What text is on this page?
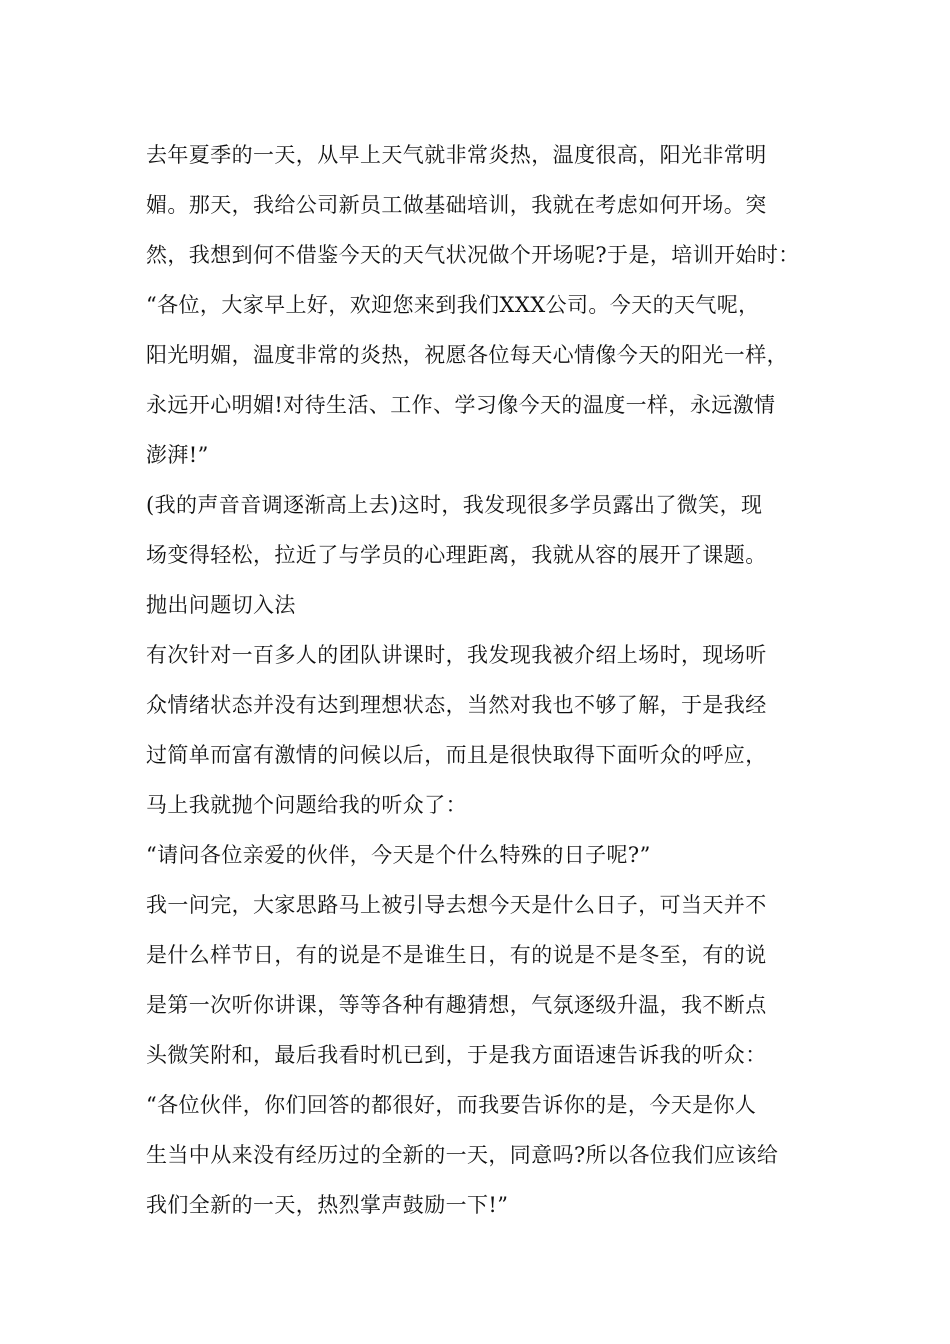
去年夏季的一天，从早上天气就非常炎热，温度很高，阳光非常明
媚。那天，我给公司新员工做基础培训，我就在考虑如何开场。突
然，我想到何不借鉴今天的天气状况做个开场呢?于是，培训开始时：
“各位，大家早上好，欢迎您来到我们XXX公司。今天的天气呢，
阳光明媚，温度非常的炎热，祝愿各位每天心情像今天的阳光一样，
永远开心明媚!对待生活、工作、学习像今天的温度一样，永远激情
澎湃!”
(我的声音音调逐渐高上去)这时，我发现很多学员露出了微笑，现
场变得轻松，拉近了与学员的心理距离，我就从容的展开了课题。
抛出问题切入法
有次针对一百多人的团队讲课时，我发现我被介绍上场时，现场听
众情绪状态并没有达到理想状态，当然对我也不够了解，于是我经
过简单而富有激情的问候以后，而且是很快取得下面听众的呼应，
马上我就抛个问题给我的听众了：
“请问各位亲爱的伙伴，今天是个什么特殊的日子呢?”
我一问完，大家思路马上被引导去想今天是什么日子，可当天并不
是什么样节日，有的说是不是谁生日，有的说是不是冬至，有的说
是第一次听你讲课，等等各种有趣猜想，气氛逐级升温，我不断点
头微笑附和，最后我看时机已到，于是我方面语速告诉我的听众：
“各位伙伴，你们回答的都很好，而我要告诉你的是，今天是你人
生当中从来没有经历过的全新的一天，同意吗?所以各位我们应该给
我们全新的一天，热烈掌声鼓励一下!”
